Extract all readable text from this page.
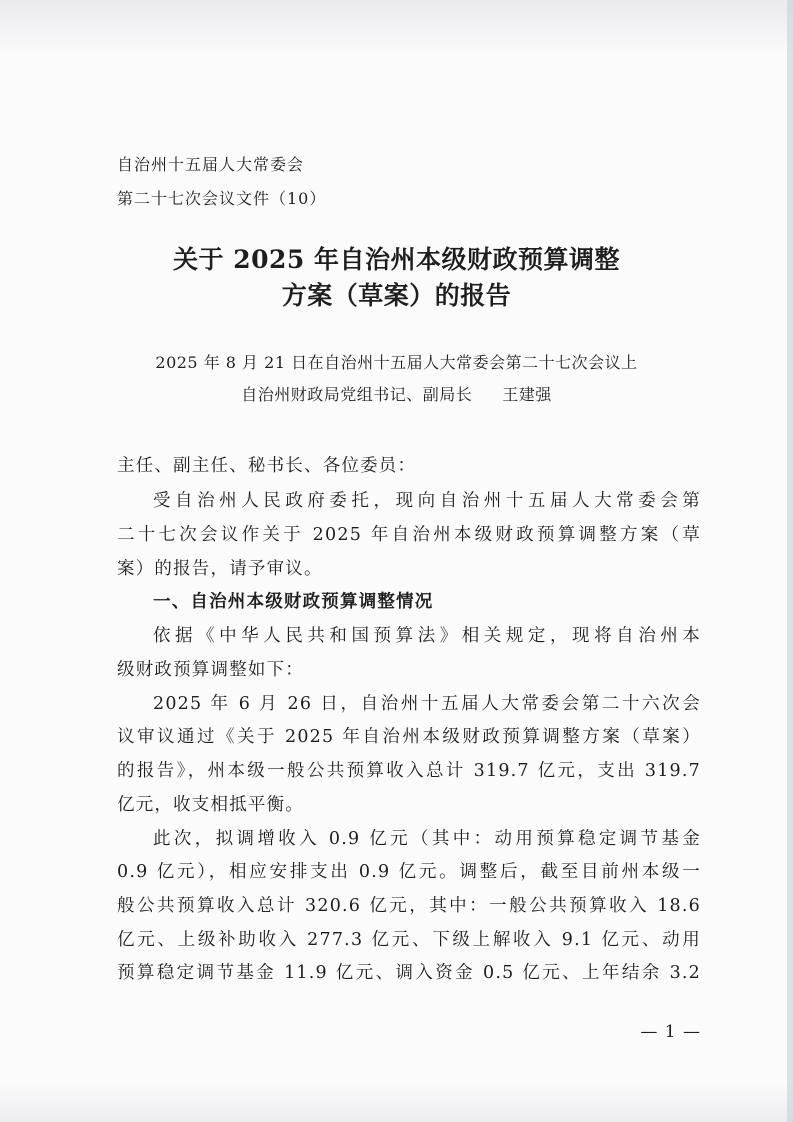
自治州十五届人大常委会
第二十七次会议文件（10）
关于 2025 年自治州本级财政预算调整
方案（草案）的报告
2025 年 8 月 21 日在自治州十五届人大常委会第二十七次会议上
自治州财政局党组书记、副局长 王建强
主任、副主任、秘书长、各位委员：
受自治州人民政府委托，现向自治州十五届人大常委会第
二十七次会议作关于 2025 年自治州本级财政预算调整方案（草
案）的报告，请予审议。
一、自治州本级财政预算调整情况
依据《中华人民共和国预算法》相关规定，现将自治州本
级财政预算调整如下：
2025 年 6 月 26 日，自治州十五届人大常委会第二十六次会
议审议通过《关于 2025 年自治州本级财政预算调整方案（草案）
的报告》，州本级一般公共预算收入总计 319.7 亿元，支出 319.7
亿元，收支相抵平衡。
此次，拟调增收入 0.9 亿元（其中：动用预算稳定调节基金
0.9 亿元），相应安排支出 0.9 亿元。调整后，截至目前州本级一
般公共预算收入总计 320.6 亿元，其中：一般公共预算收入 18.6
亿元、上级补助收入 277.3 亿元、下级上解收入 9.1 亿元、动用
预算稳定调节基金 11.9 亿元、调入资金 0.5 亿元、上年结余 3.2
— 1 —
